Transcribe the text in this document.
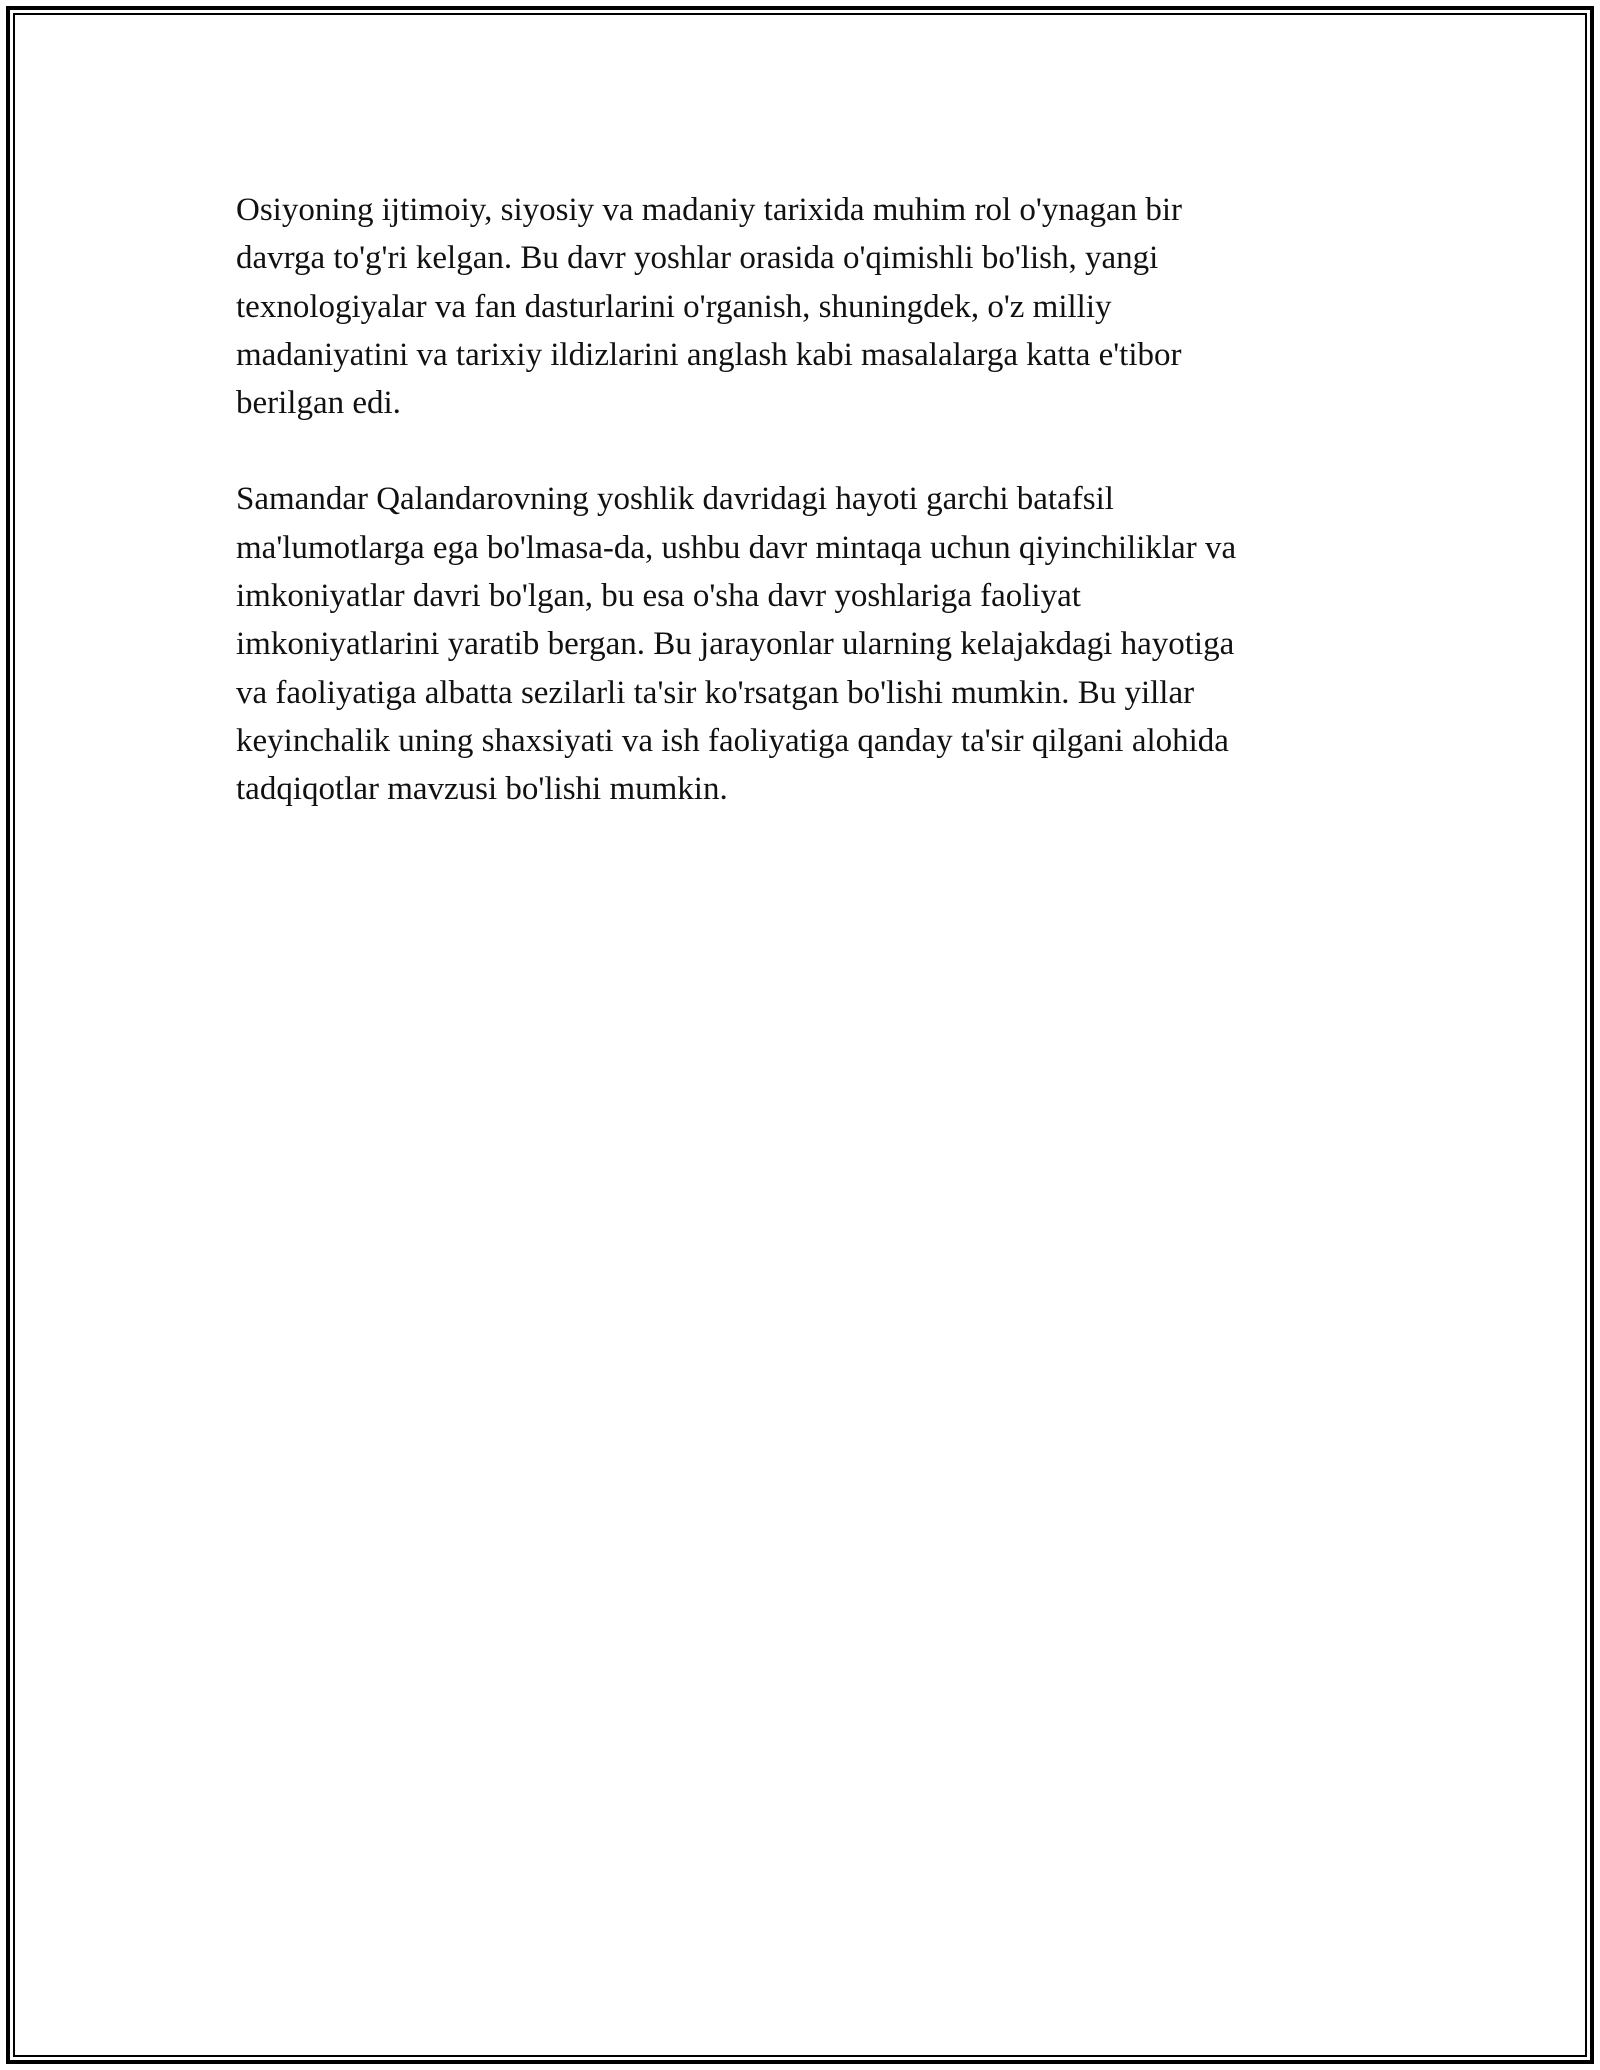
Osiyoning ijtimoiy, siyosiy va madaniy tarixida muhim rol o'ynagan bir
davrga to'g'ri kelgan. Bu davr yoshlar orasida o'qimishli bo'lish, yangi
texnologiyalar va fan dasturlarini o'rganish, shuningdek, o'z milliy
madaniyatini va tarixiy ildizlarini anglash kabi masalalarga katta e'tibor
berilgan edi.

Samandar Qalandarovning yoshlik davridagi hayoti garchi batafsil
ma'lumotlarga ega bo'lmasa-da, ushbu davr mintaqa uchun qiyinchiliklar va
imkoniyatlar davri bo'lgan, bu esa o'sha davr yoshlariga faoliyat
imkoniyatlarini yaratib bergan. Bu jarayonlar ularning kelajakdagi hayotiga
va faoliyatiga albatta sezilarli ta'sir ko'rsatgan bo'lishi mumkin. Bu yillar
keyinchalik uning shaxsiyati va ish faoliyatiga qanday ta'sir qilgani alohida
tadqiqotlar mavzusi bo'lishi mumkin.
